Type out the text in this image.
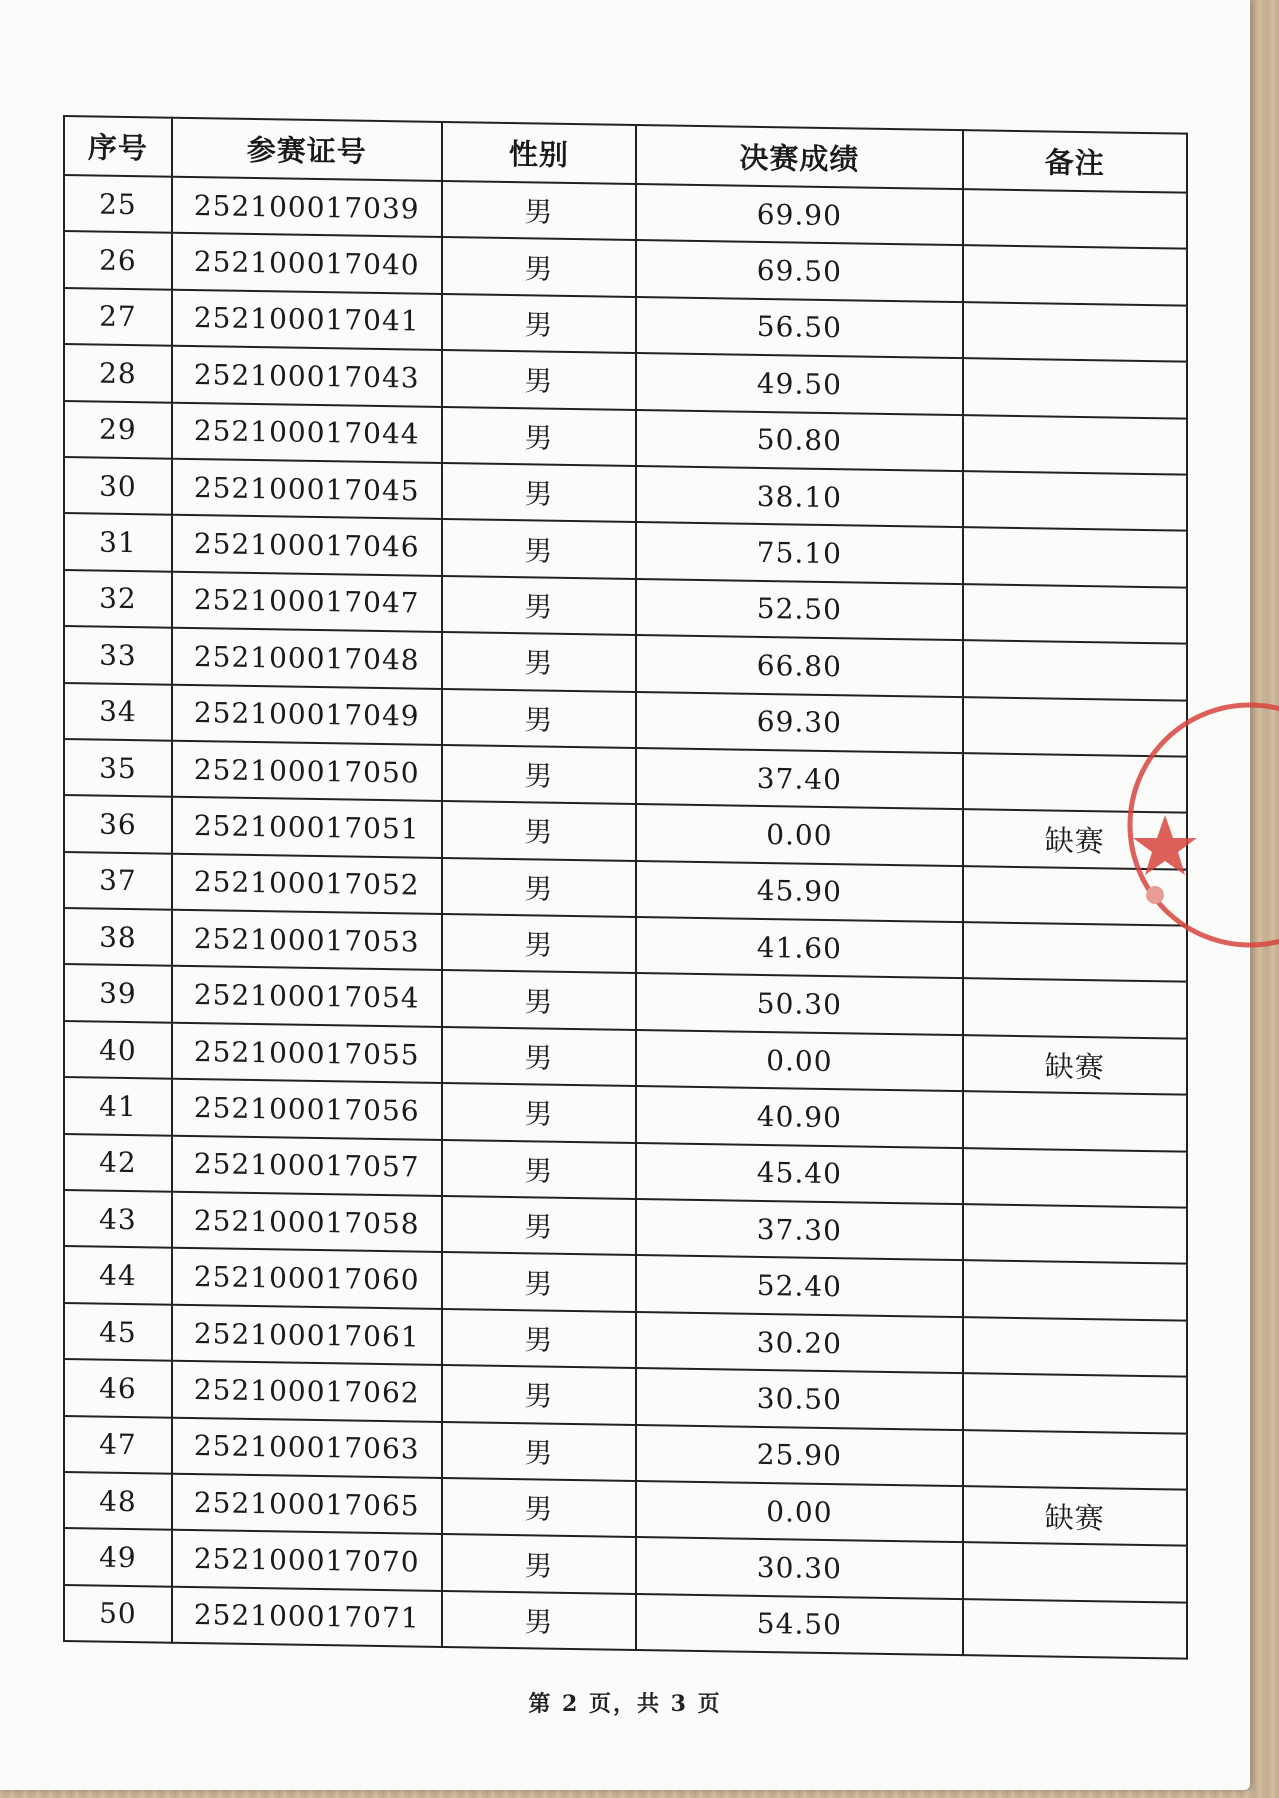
序号	参赛证号	性别	决赛成绩	备注
25	252100017039	男	69.90	
26	252100017040	男	69.50	
27	252100017041	男	56.50	
28	252100017043	男	49.50	
29	252100017044	男	50.80	
30	252100017045	男	38.10	
31	252100017046	男	75.10	
32	252100017047	男	52.50	
33	252100017048	男	66.80	
34	252100017049	男	69.30	
35	252100017050	男	37.40	
36	252100017051	男	0.00	缺赛
37	252100017052	男	45.90	
38	252100017053	男	41.60	
39	252100017054	男	50.30	
40	252100017055	男	0.00	缺赛
41	252100017056	男	40.90	
42	252100017057	男	45.40	
43	252100017058	男	37.30	
44	252100017060	男	52.40	
45	252100017061	男	30.20	
46	252100017062	男	30.50	
47	252100017063	男	25.90	
48	252100017065	男	0.00	缺赛
49	252100017070	男	30.30	
50	252100017071	男	54.50	
第 2 页，共 3 页
